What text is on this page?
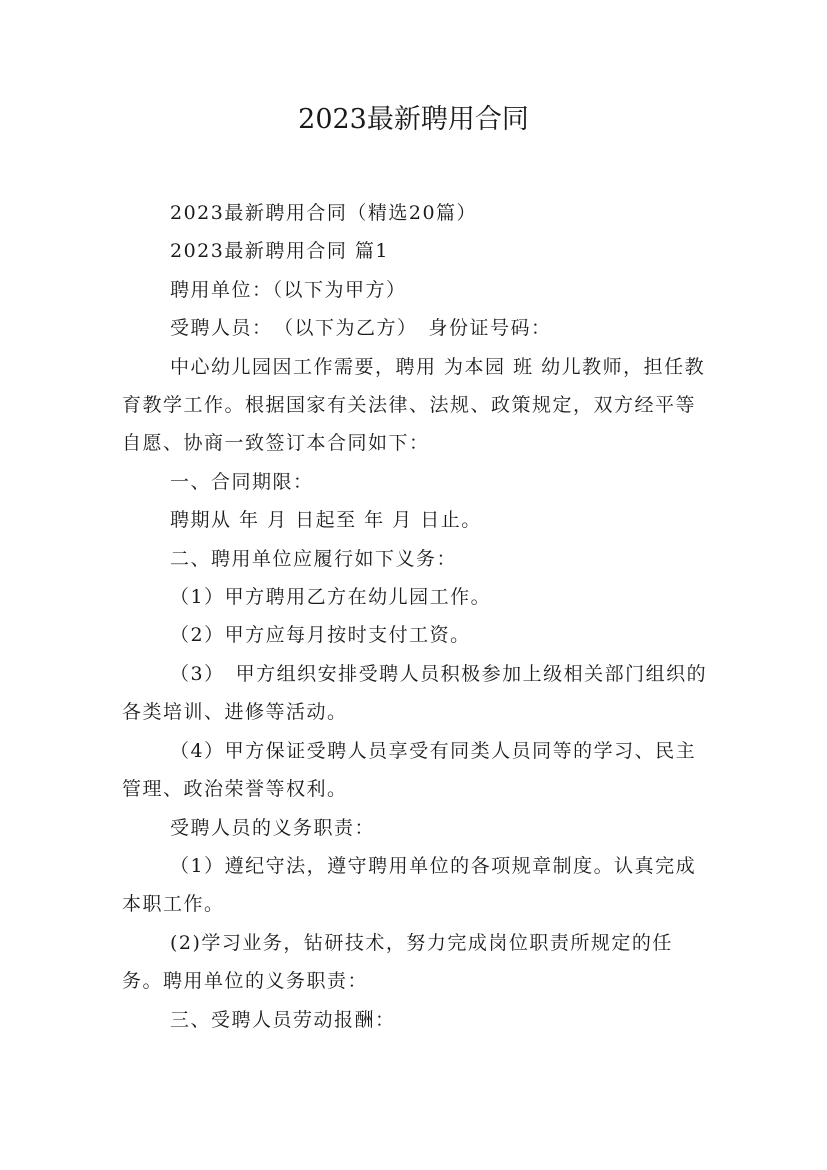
2023最新聘用合同

2023最新聘用合同（精选20篇）

2023最新聘用合同 篇1

聘用单位：（以下为甲方）

受聘人员：　（以下为乙方）　身份证号码：

中心幼儿园因工作需要，聘用 为本园 班 幼儿教师，担任教育教学工作。根据国家有关法律、法规、政策规定，双方经平等自愿、协商一致签订本合同如下：

一、合同期限：

聘期从 年 月 日起至 年 月 日止。

二、聘用单位应履行如下义务：

（1）甲方聘用乙方在幼儿园工作。

（2）甲方应每月按时支付工资。

（3）　甲方组织安排受聘人员积极参加上级相关部门组织的各类培训、进修等活动。

（4）甲方保证受聘人员享受有同类人员同等的学习、民主管理、政治荣誉等权利。

受聘人员的义务职责：

（1）遵纪守法，遵守聘用单位的各项规章制度。认真完成本职工作。

(2)学习业务，钻研技术，努力完成岗位职责所规定的任务。聘用单位的义务职责：

三、受聘人员劳动报酬：
